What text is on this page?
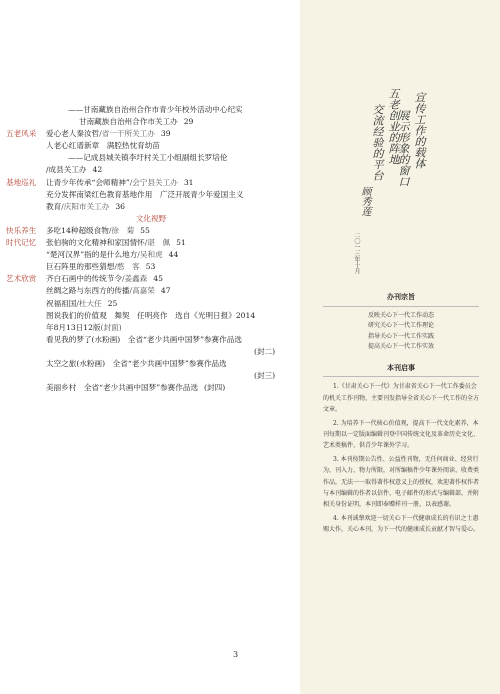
——甘南藏族自治州合作市青少年校外活动中心纪实
甘南藏族自治州合作市关工办 29
五老风采	爱心老人秦汝哲/省一干所关工办 39
人老心红谱新章　满腔热忱育幼苗
——记成县城关镇李圩村关工小组副组长罗培伦
/成县关工办 42
基地巡礼	让青少年传承“会师精神”/会宁县关工办 31
充分发挥南梁红色教育基地作用　广泛开展青少年爱国主义
教育/庆阳市关工办 36
文化视野
快乐养生	多吃14种超级食物/徐　菊 55
时代记忆	张伯驹的文化精神和家国情怀/谌　佩 51
“楚河汉界”指的是什么地方/吴和虎 44
巨石阵里的那些猜想/憨　客 53
艺术欣赏	齐白石画中的传统节令/姜鑫森 45
丝绸之路与东西方的传播/高嘉荣 47
祝福祖国/杜大任 25
图说我们的价值观　舞契　任明亮作　选自《光明日报》2014
年8月13日12版(封面)
看见我的梦了(水粉画)　全省“老少共画中国梦”参赛作品选
(封二)
太空之旅(水粉画)　全省“老少共画中国梦”参赛作品选
(封三)
美丽乡村　全省“老少共画中国梦”参赛作品选 (封四)
3
宣传工作的载体
五老创业的阵地
展示形象的窗口
交流经验的平台
顾秀莲
二〇一三年十月
办刊宗旨
反映关心下一代工作动态
研究关心下一代工作理论
指导关心下一代工作实践
提高关心下一代工作实效
本刊启事

1.《甘肃关心下一代》为甘肃省关心下一代工作委员会的机关工作刊物，主要刊发指导全省关心下一代工作的全方文章。

2. 为培养下一代核心价值观，提高下一代文化素养，本刊每期以一定版面编辑刊登中国传统文化及革命历史文化、艺术类稿件、供青少年课外学习。

3. 本刊按期公告性、公益性刊物，无任何商业、经营行为，刊入力、物力所限，对所编稿件少年课外阅读、收费类作品，无法一一取得著作权意义上的授权，欢迎著作权作者与本刊编辑的作者以信件、电子邮件的形式与编辑部，并附相关身份证明，本刊即奉赠样刊一册，以表感谢。

4. 本刊诚挚欢迎一切关心下一代健康成长的有识之士惠赐大作，关心本刊，为下一代的健康成长贡献才智与爱心。
